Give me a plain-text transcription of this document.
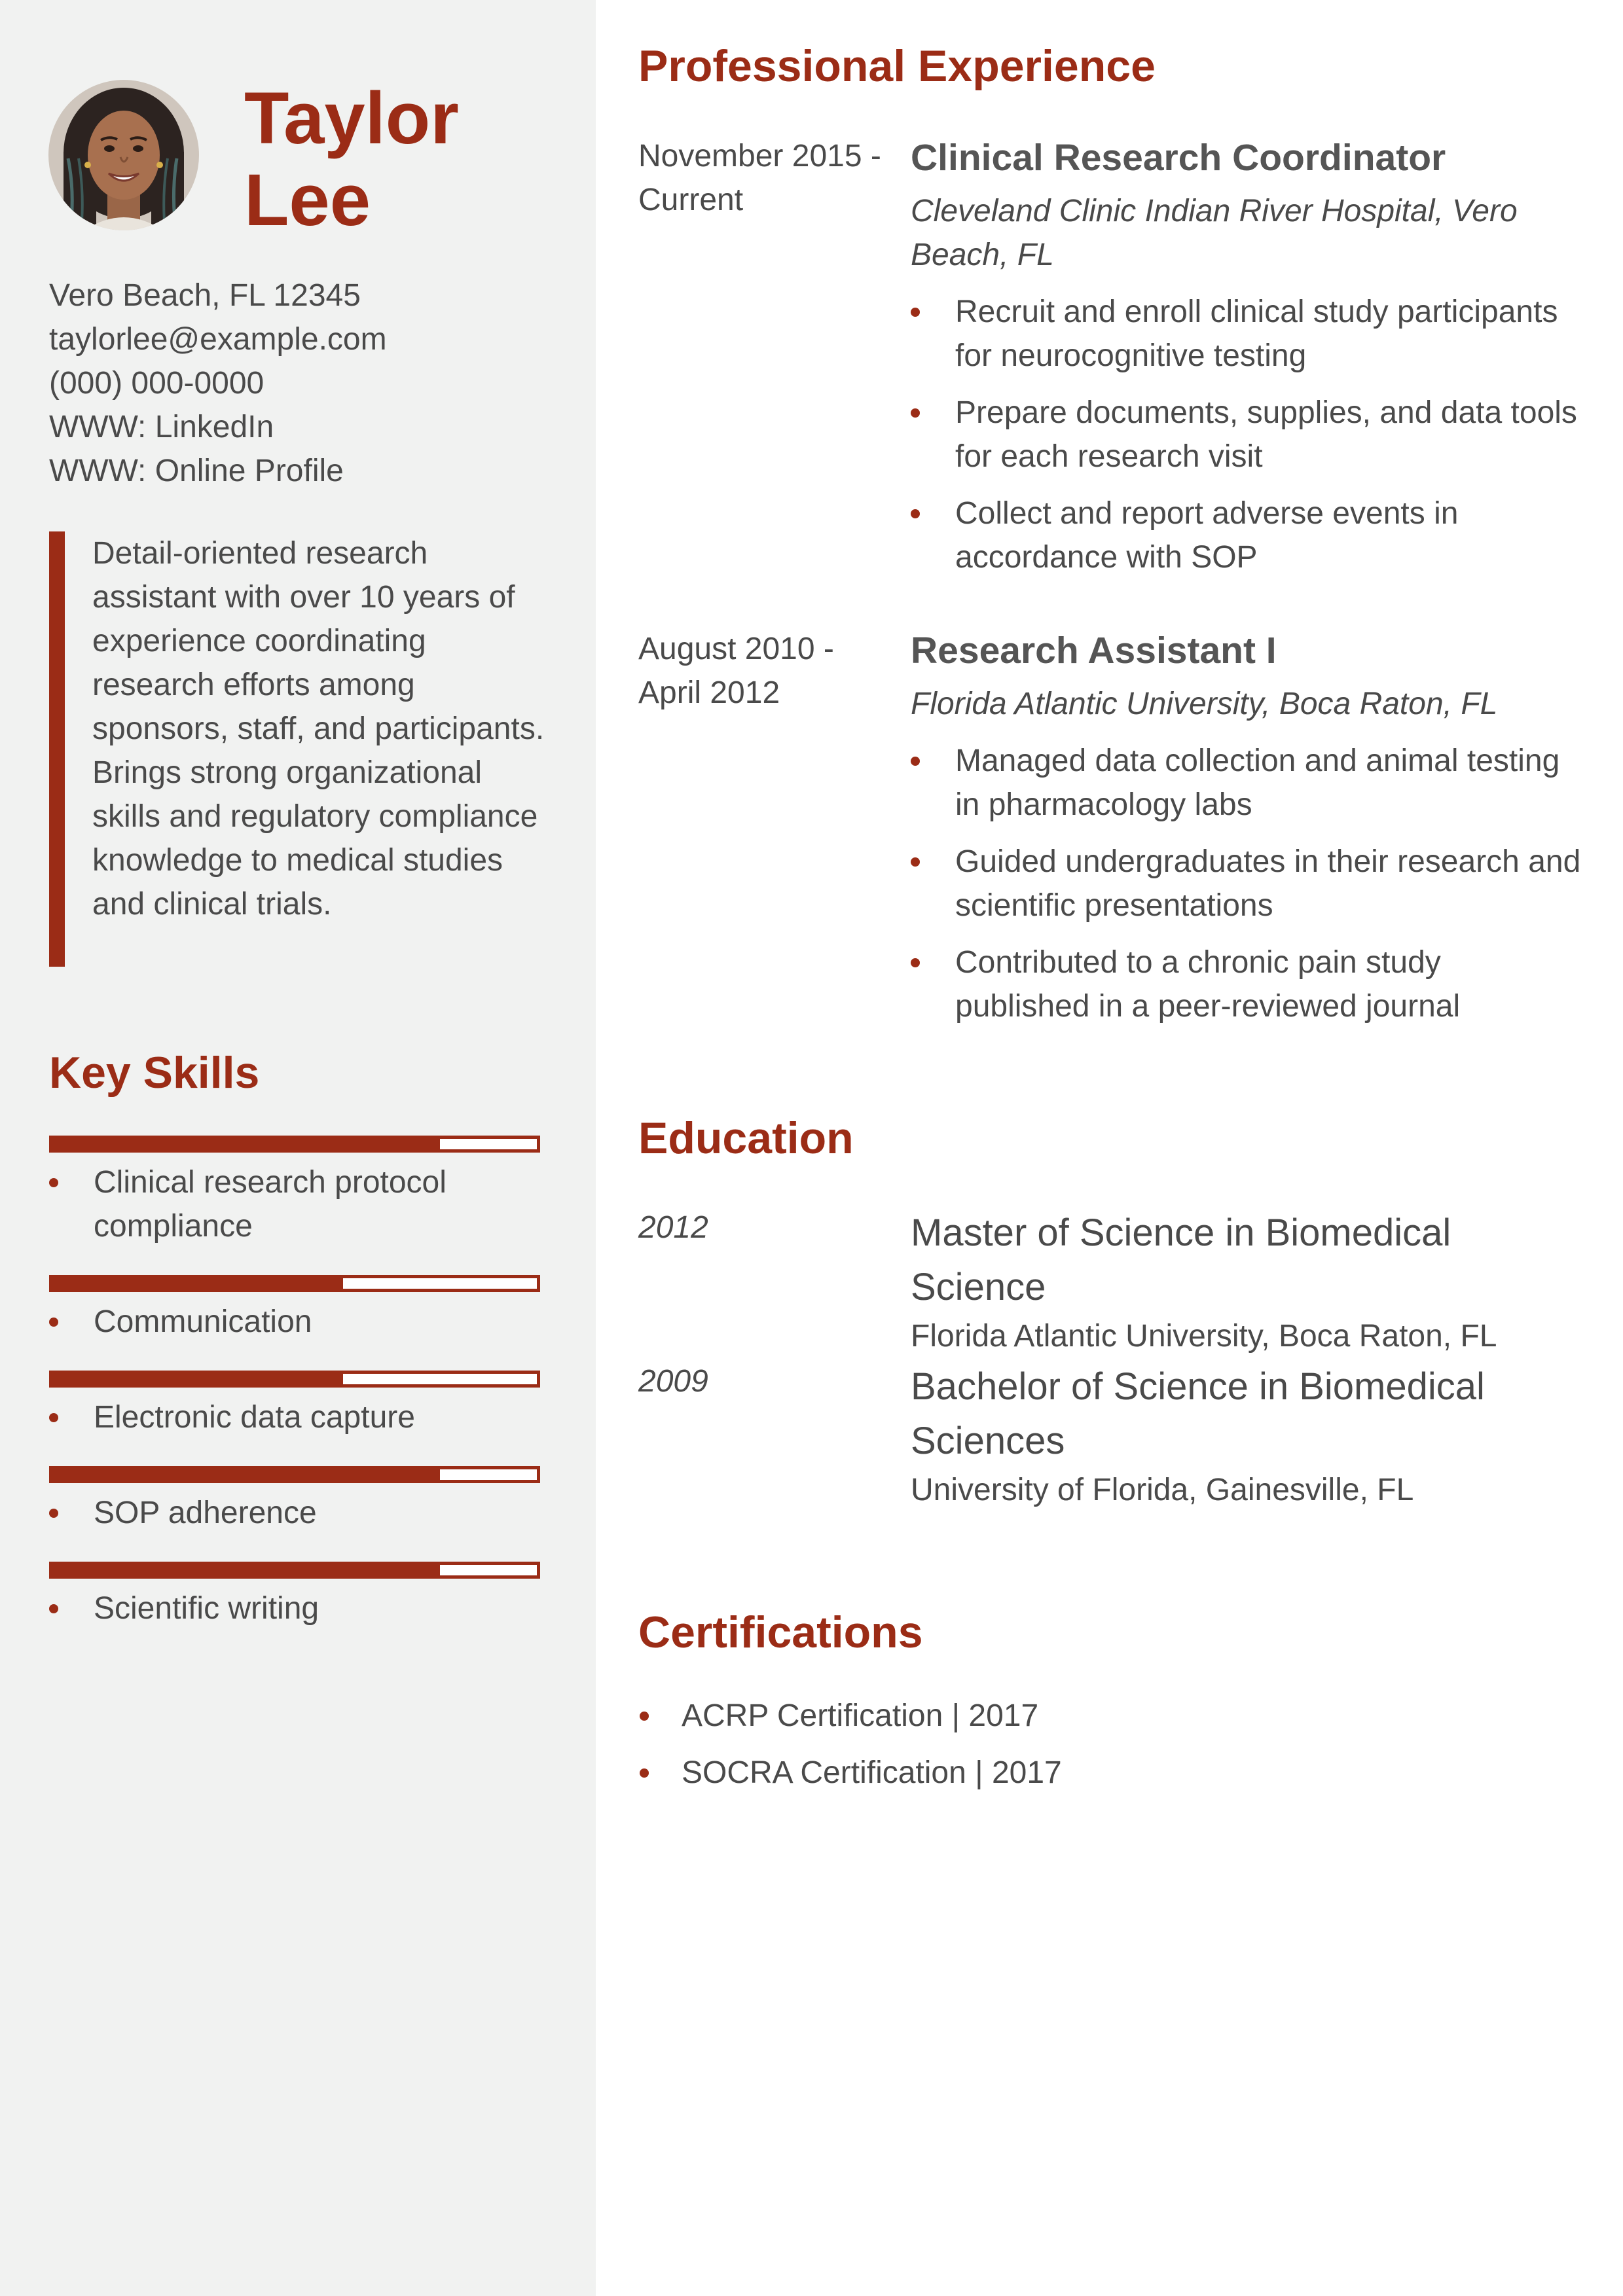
Taylor
Lee
Vero Beach, FL 12345
taylorlee@example.com
(000) 000-0000
WWW: LinkedIn
WWW: Online Profile

Detail-oriented research assistant with over 10 years of experience coordinating research efforts among sponsors, staff, and participants. Brings strong organizational skills and regulatory compliance knowledge to medical studies and clinical trials.

Key Skills
Clinical research protocol compliance
Communication
Electronic data capture
SOP adherence
Scientific writing
Professional Experience
November 2015 - Current
Clinical Research Coordinator
Cleveland Clinic Indian River Hospital, Vero Beach, FL
Recruit and enroll clinical study participants for neurocognitive testing
Prepare documents, supplies, and data tools for each research visit
Collect and report adverse events in accordance with SOP
August 2010 - April 2012
Research Assistant I
Florida Atlantic University, Boca Raton, FL
Managed data collection and animal testing in pharmacology labs
Guided undergraduates in their research and scientific presentations
Contributed to a chronic pain study published in a peer-reviewed journal
Education
2012	Master of Science in Biomedical Science
Florida Atlantic University, Boca Raton, FL
2009	Bachelor of Science in Biomedical Sciences
University of Florida, Gainesville, FL
Certifications
ACRP Certification | 2017
SOCRA Certification | 2017
